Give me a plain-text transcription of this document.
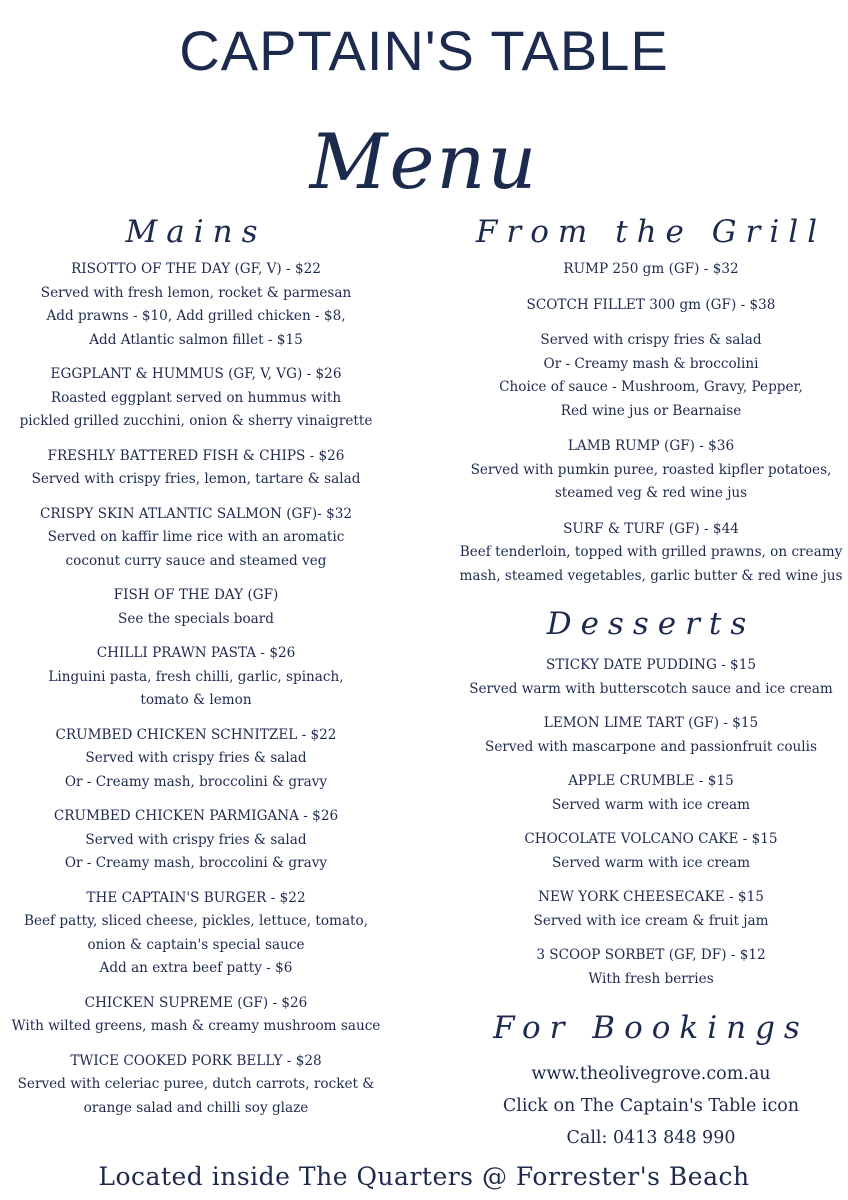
CAPTAIN'S TABLE
Menu
Mains
RISOTTO OF THE DAY (GF, V) - $22
Served with fresh lemon, rocket & parmesan
Add prawns - $10, Add grilled chicken - $8,
Add Atlantic salmon fillet - $15
EGGPLANT & HUMMUS (GF, V, VG) - $26
Roasted eggplant served on hummus with
pickled grilled zucchini, onion & sherry vinaigrette
FRESHLY BATTERED FISH & CHIPS - $26
Served with crispy fries, lemon, tartare & salad
CRISPY SKIN ATLANTIC SALMON (GF)- $32
Served on kaffir lime rice with an aromatic
coconut curry sauce and steamed veg
FISH OF THE DAY (GF)
See the specials board
CHILLI PRAWN PASTA - $26
Linguini pasta, fresh chilli, garlic, spinach,
tomato & lemon
CRUMBED CHICKEN SCHNITZEL - $22
Served with crispy fries & salad
Or - Creamy mash, broccolini & gravy
CRUMBED CHICKEN PARMIGANA - $26
Served with crispy fries & salad
Or - Creamy mash, broccolini & gravy
THE CAPTAIN'S BURGER - $22
Beef patty, sliced cheese, pickles, lettuce, tomato,
onion & captain's special sauce
Add an extra beef patty - $6
CHICKEN SUPREME (GF) - $26
With wilted greens, mash & creamy mushroom sauce
TWICE COOKED PORK BELLY - $28
Served with celeriac puree, dutch carrots, rocket &
orange salad and chilli soy glaze
From the Grill
RUMP 250 gm (GF) - $32
SCOTCH FILLET 300 gm (GF) - $38
Served with crispy fries & salad
Or - Creamy mash & broccolini
Choice of sauce - Mushroom, Gravy, Pepper,
Red wine jus or Bearnaise
LAMB RUMP (GF) - $36
Served with pumkin puree, roasted kipfler potatoes,
steamed veg & red wine jus
SURF & TURF (GF) - $44
Beef tenderloin, topped with grilled prawns, on creamy
mash, steamed vegetables, garlic butter & red wine jus
Desserts
STICKY DATE PUDDING - $15
Served warm with butterscotch sauce and ice cream
LEMON LIME TART (GF) - $15
Served with mascarpone and passionfruit coulis
APPLE CRUMBLE - $15
Served warm with ice cream
CHOCOLATE VOLCANO CAKE - $15
Served warm with ice cream
NEW YORK CHEESECAKE - $15
Served with ice cream & fruit jam
3 SCOOP SORBET (GF, DF) - $12
With fresh berries
For Bookings
www.theolivegrove.com.au
Click on The Captain's Table icon
Call: 0413 848 990
Located inside The Quarters @ Forrester's Beach
